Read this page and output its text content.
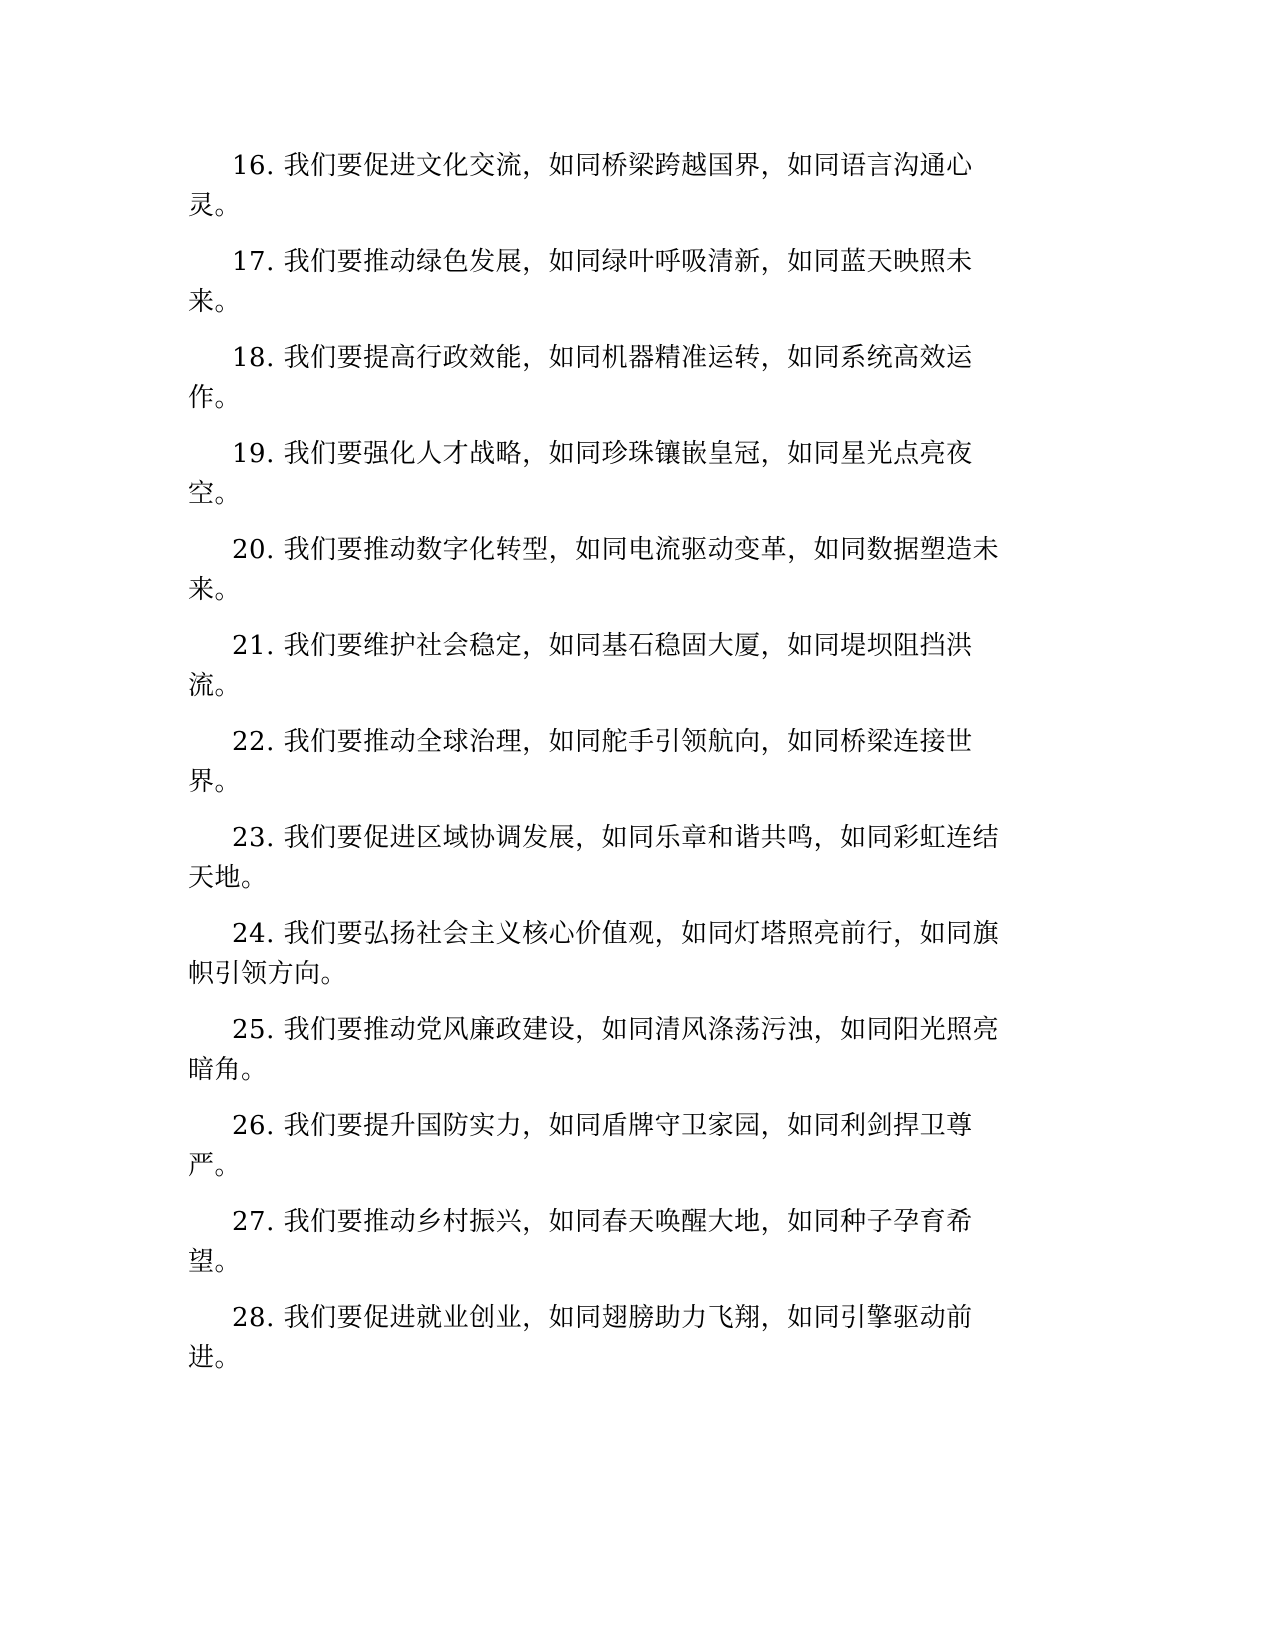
16. 我们要促进文化交流，如同桥梁跨越国界，如同语言沟通心
灵。

17. 我们要推动绿色发展，如同绿叶呼吸清新，如同蓝天映照未
来。

18. 我们要提高行政效能，如同机器精准运转，如同系统高效运
作。

19. 我们要强化人才战略，如同珍珠镶嵌皇冠，如同星光点亮夜
空。

20. 我们要推动数字化转型，如同电流驱动变革，如同数据塑造未
来。

21. 我们要维护社会稳定，如同基石稳固大厦，如同堤坝阻挡洪
流。

22. 我们要推动全球治理，如同舵手引领航向，如同桥梁连接世
界。

23. 我们要促进区域协调发展，如同乐章和谐共鸣，如同彩虹连结
天地。

24. 我们要弘扬社会主义核心价值观，如同灯塔照亮前行，如同旗
帜引领方向。

25. 我们要推动党风廉政建设，如同清风涤荡污浊，如同阳光照亮
暗角。

26. 我们要提升国防实力，如同盾牌守卫家园，如同利剑捍卫尊
严。

27. 我们要推动乡村振兴，如同春天唤醒大地，如同种子孕育希
望。

28. 我们要促进就业创业，如同翅膀助力飞翔，如同引擎驱动前
进。
